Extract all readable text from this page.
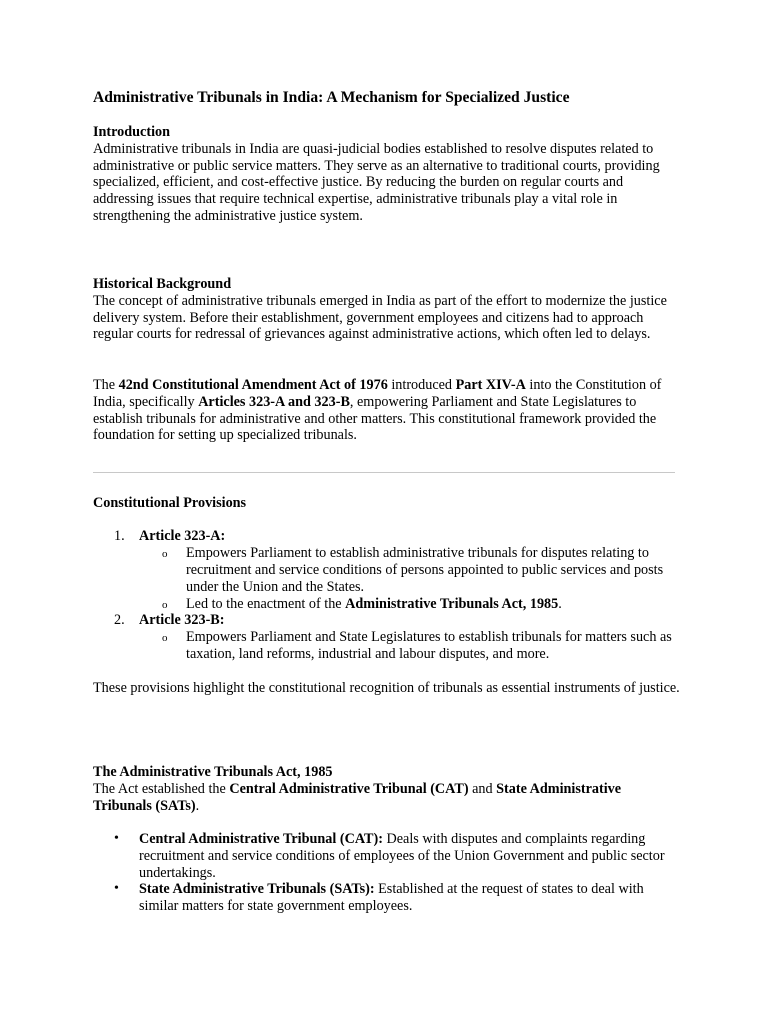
Administrative Tribunals in India: A Mechanism for Specialized Justice
Introduction
Administrative tribunals in India are quasi-judicial bodies established to resolve disputes related to administrative or public service matters. They serve as an alternative to traditional courts, providing specialized, efficient, and cost-effective justice. By reducing the burden on regular courts and addressing issues that require technical expertise, administrative tribunals play a vital role in strengthening the administrative justice system.
Historical Background
The concept of administrative tribunals emerged in India as part of the effort to modernize the justice delivery system. Before their establishment, government employees and citizens had to approach regular courts for redressal of grievances against administrative actions, which often led to delays.
The 42nd Constitutional Amendment Act of 1976 introduced Part XIV-A into the Constitution of India, specifically Articles 323-A and 323-B, empowering Parliament and State Legislatures to establish tribunals for administrative and other matters. This constitutional framework provided the foundation for setting up specialized tribunals.
Constitutional Provisions
1.	Article 323-A:
o Empowers Parliament to establish administrative tribunals for disputes relating to recruitment and service conditions of persons appointed to public services and posts under the Union and the States.
o Led to the enactment of the Administrative Tribunals Act, 1985.
2.	Article 323-B:
o Empowers Parliament and State Legislatures to establish tribunals for matters such as taxation, land reforms, industrial and labour disputes, and more.
These provisions highlight the constitutional recognition of tribunals as essential instruments of justice.
The Administrative Tribunals Act, 1985
The Act established the Central Administrative Tribunal (CAT) and State Administrative Tribunals (SATs).
• Central Administrative Tribunal (CAT): Deals with disputes and complaints regarding recruitment and service conditions of employees of the Union Government and public sector undertakings.
• State Administrative Tribunals (SATs): Established at the request of states to deal with similar matters for state government employees.
